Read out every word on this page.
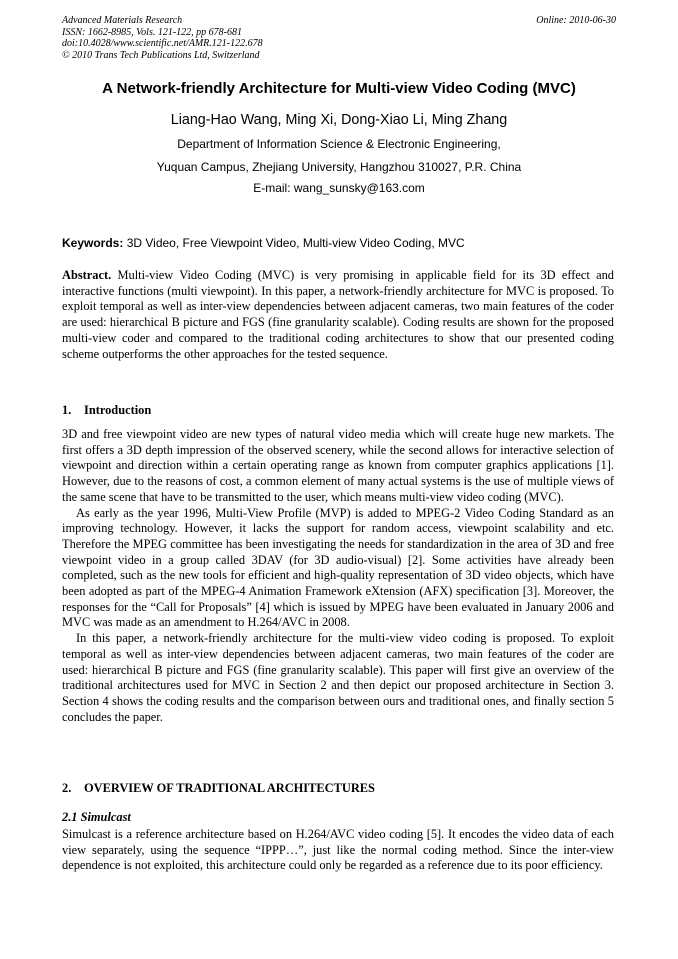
Advanced Materials Research
ISSN: 1662-8985, Vols. 121-122, pp 678-681
doi:10.4028/www.scientific.net/AMR.121-122.678
© 2010 Trans Tech Publications Ltd, Switzerland
Online: 2010-06-30
A Network-friendly Architecture for Multi-view Video Coding (MVC)
Liang-Hao Wang, Ming Xi, Dong-Xiao Li, Ming Zhang
Department of Information Science & Electronic Engineering,
Yuquan Campus, Zhejiang University, Hangzhou 310027, P.R. China
E-mail: wang_sunsky@163.com
Keywords: 3D Video, Free Viewpoint Video, Multi-view Video Coding, MVC

Abstract. Multi-view Video Coding (MVC) is very promising in applicable field for its 3D effect and interactive functions (multi viewpoint). In this paper, a network-friendly architecture for MVC is proposed. To exploit temporal as well as inter-view dependencies between adjacent cameras, two main features of the coder are used: hierarchical B picture and FGS (fine granularity scalable). Coding results are shown for the proposed multi-view coder and compared to the traditional coding architectures to show that our presented coding scheme outperforms the other approaches for the tested sequence.

1. Introduction

3D and free viewpoint video are new types of natural video media which will create huge new markets. The first offers a 3D depth impression of the observed scenery, while the second allows for interactive selection of viewpoint and direction within a certain operating range as known from computer graphics applications [1]. However, due to the reasons of cost, a common element of many actual systems is the use of multiple views of the same scene that have to be transmitted to the user, which means multi-view video coding (MVC).

As early as the year 1996, Multi-View Profile (MVP) is added to MPEG-2 Video Coding Standard as an improving technology. However, it lacks the support for random access, viewpoint scalability and etc. Therefore the MPEG committee has been investigating the needs for standardization in the area of 3D and free viewpoint video in a group called 3DAV (for 3D audio-visual) [2]. Some activities have already been completed, such as the new tools for efficient and high-quality representation of 3D video objects, which have been adopted as part of the MPEG-4 Animation Framework eXtension (AFX) specification [3]. Moreover, the responses for the “Call for Proposals” [4] which is issued by MPEG have been evaluated in January 2006 and MVC was made as an amendment to H.264/AVC in 2008.

In this paper, a network-friendly architecture for the multi-view video coding is proposed. To exploit temporal as well as inter-view dependencies between adjacent cameras, two main features of the coder are used: hierarchical B picture and FGS (fine granularity scalable). This paper will first give an overview of the traditional architectures used for MVC in Section 2 and then depict our proposed architecture in Section 3. Section 4 shows the coding results and the comparison between ours and traditional ones, and finally section 5 concludes the paper.

2. OVERVIEW OF TRADITIONAL ARCHITECTURES
2.1 Simulcast

Simulcast is a reference architecture based on H.264/AVC video coding [5]. It encodes the video data of each view separately, using the sequence “IPPP…”, just like the normal coding method. Since the inter-view dependence is not exploited, this architecture could only be regarded as a reference due to its poor efficiency.
